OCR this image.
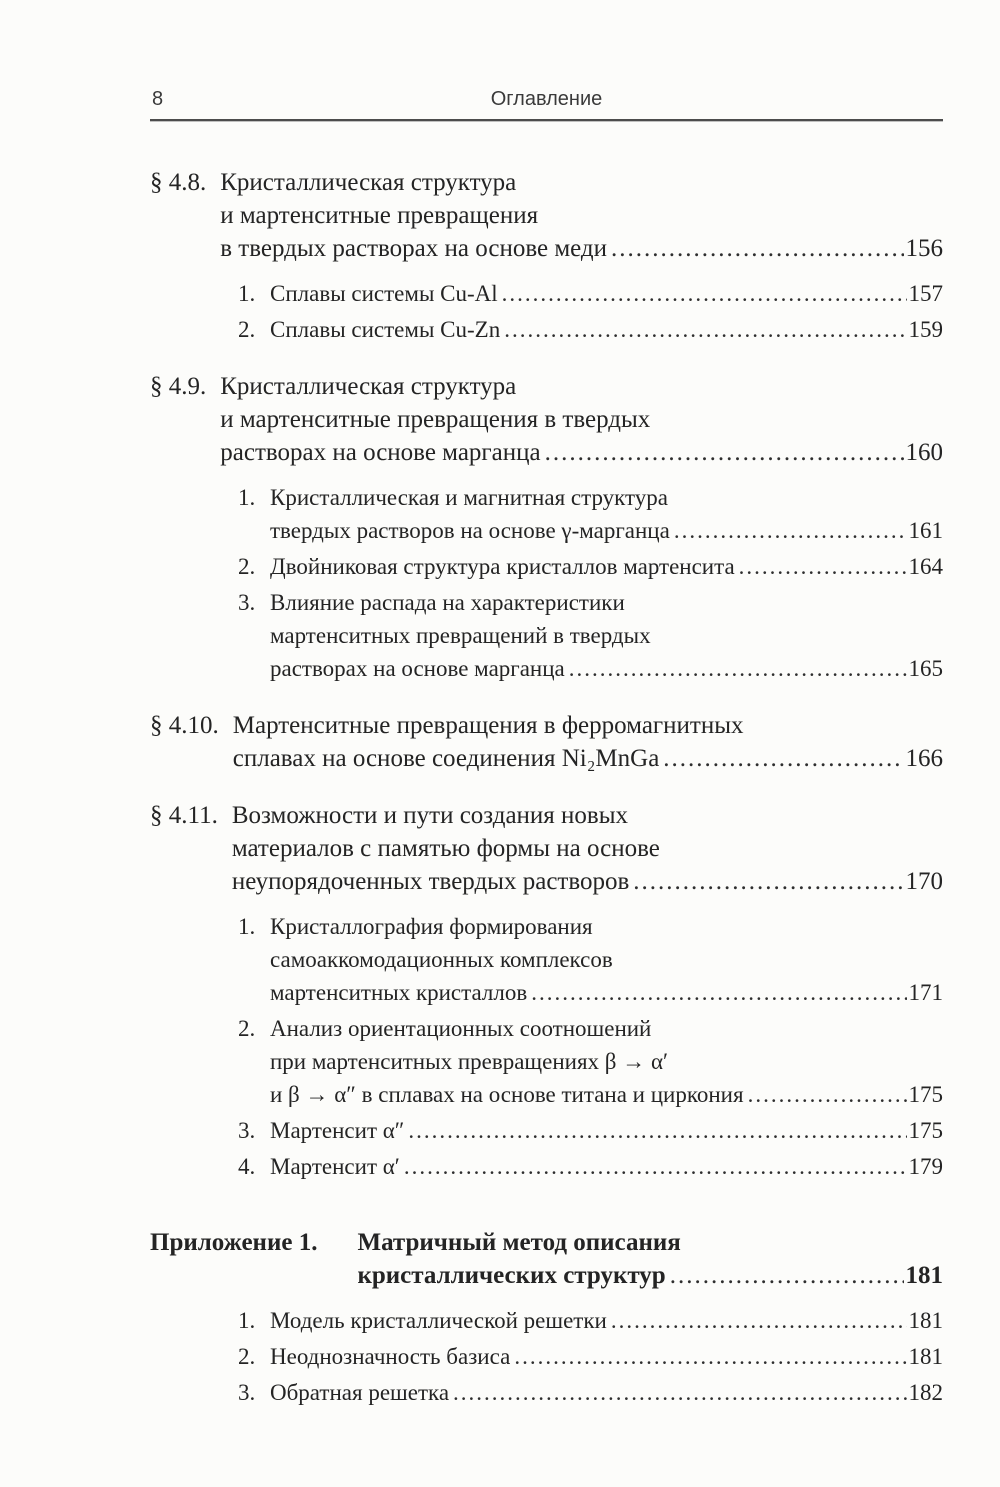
8	Оглавление
§ 4.8. Кристаллическая структура
и мартенситные превращения
в твердых растворах на основе меди .....	156
1. Сплавы системы Cu-Al .....	157
2. Сплавы системы Cu-Zn .....	159
§ 4.9. Кристаллическая структура
и мартенситные превращения в твердых
растворах на основе марганца .....	160
1. Кристаллическая и магнитная структура
твердых растворов на основе γ-марганца .....	161
2. Двойниковая структура кристаллов мартенсита .....	164
3. Влияние распада на характеристики
мартенситных превращений в твердых
растворах на основе марганца .....	165
§ 4.10. Мартенситные превращения в ферромагнитных
сплавах на основе соединения Ni₂MnGa .....	166
§ 4.11. Возможности и пути создания новых
материалов с памятью формы на основе
неупорядоченных твердых растворов .....	170
1. Кристаллография формирования
самоаккомодационных комплексов
мартенситных кристаллов .....	171
2. Анализ ориентационных соотношений
при мартенситных превращениях β → α′
и β → α″ в сплавах на основе титана и циркония .....	175
3. Мартенсит α″ .....	175
4. Мартенсит α′ .....	179
Приложение 1. Матричный метод описания
кристаллических структур .....	181
1. Модель кристаллической решетки .....	181
2. Неоднозначность базиса .....	181
3. Обратная решетка .....	182
